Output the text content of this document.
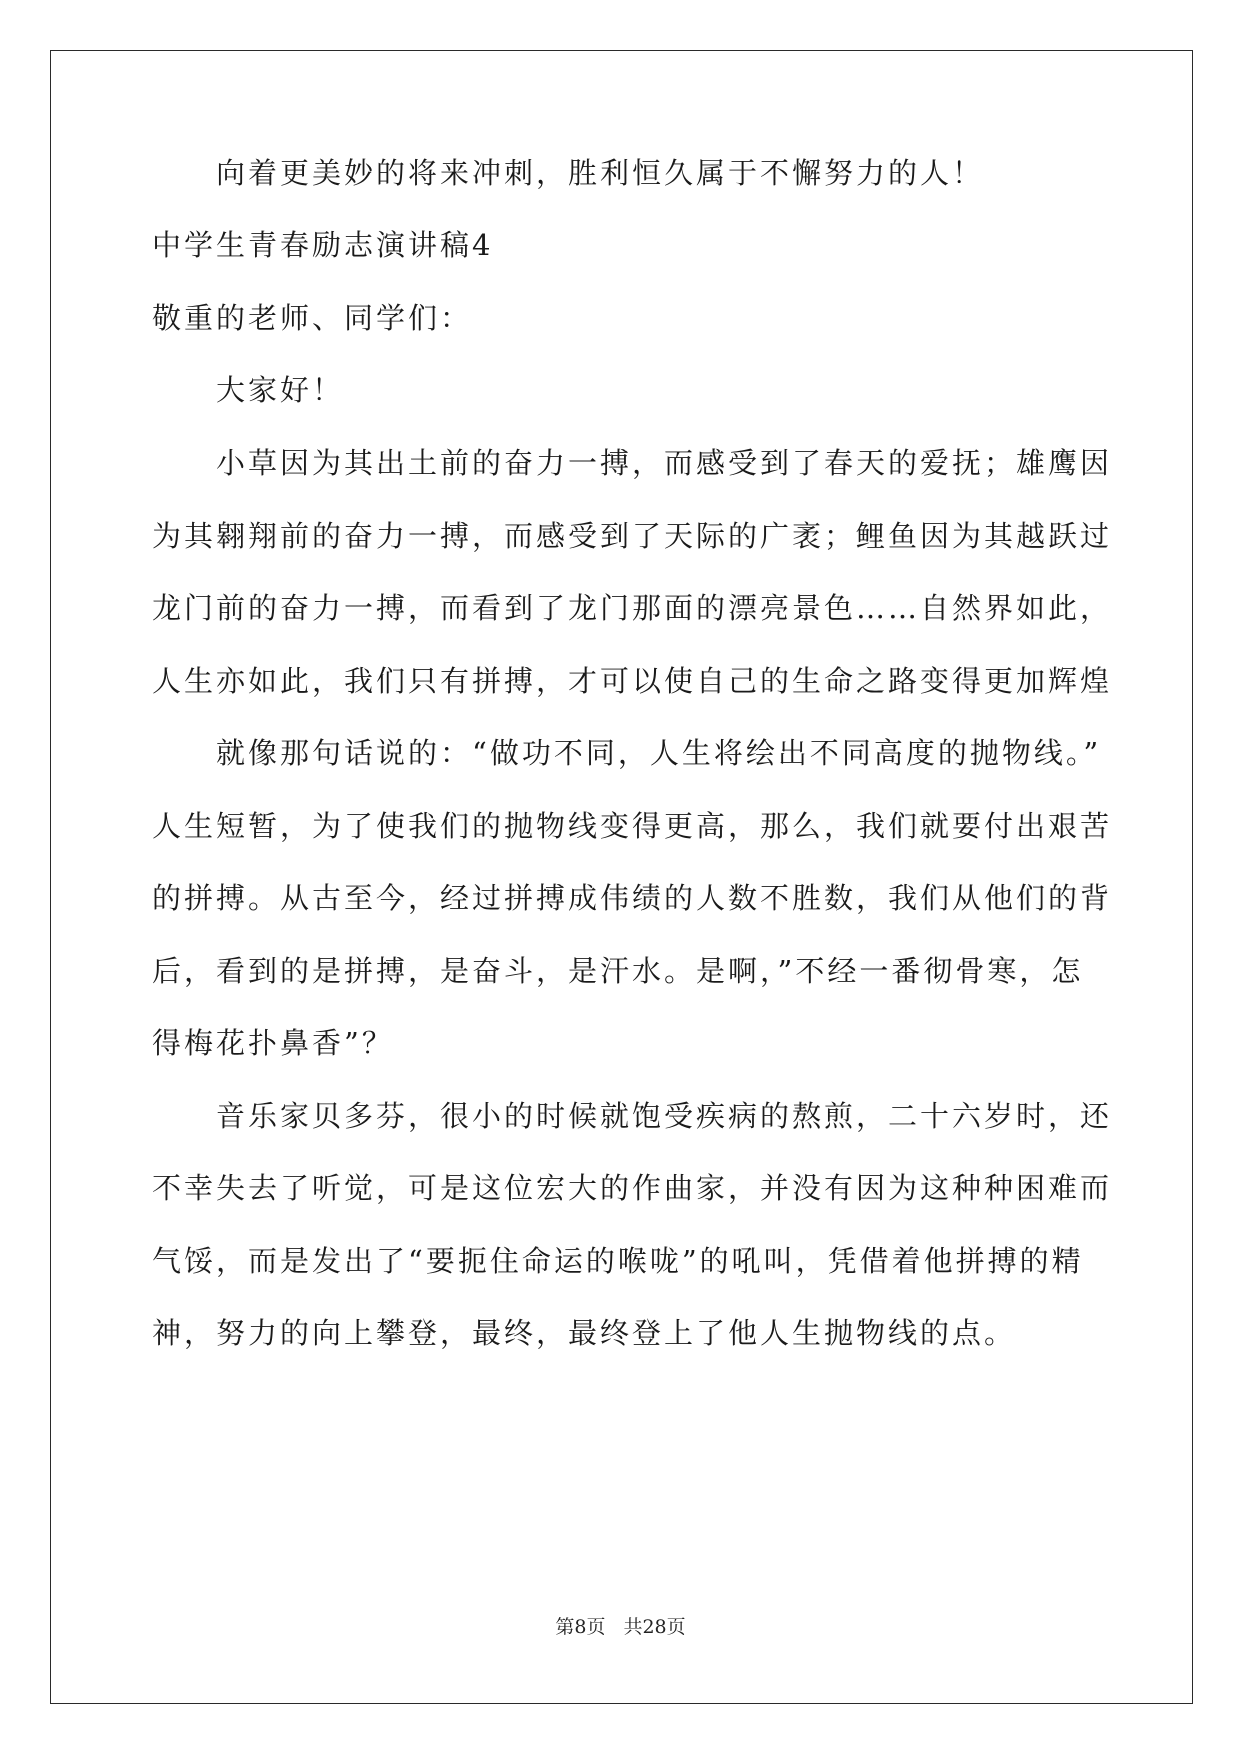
向着更美妙的将来冲刺，胜利恒久属于不懈努力的人！
中学生青春励志演讲稿4
敬重的老师、同学们：
大家好！
小草因为其出土前的奋力一搏，而感受到了春天的爱抚；雄鹰因
为其翱翔前的奋力一搏，而感受到了天际的广袤；鲤鱼因为其越跃过
龙门前的奋力一搏，而看到了龙门那面的漂亮景色……自然界如此，
人生亦如此，我们只有拼搏，才可以使自己的生命之路变得更加辉煌
就像那句话说的：“做功不同，人生将绘出不同高度的抛物线。”
人生短暂，为了使我们的抛物线变得更高，那么，我们就要付出艰苦
的拼搏。从古至今，经过拼搏成伟绩的人数不胜数，我们从他们的背
后，看到的是拼搏，是奋斗，是汗水。是啊，”不经一番彻骨寒，怎
得梅花扑鼻香”？
音乐家贝多芬，很小的时候就饱受疾病的熬煎，二十六岁时，还
不幸失去了听觉，可是这位宏大的作曲家，并没有因为这种种困难而
气馁，而是发出了“要扼住命运的喉咙”的吼叫，凭借着他拼搏的精
神，努力的向上攀登，最终，最终登上了他人生抛物线的点。
第8页 共28页
